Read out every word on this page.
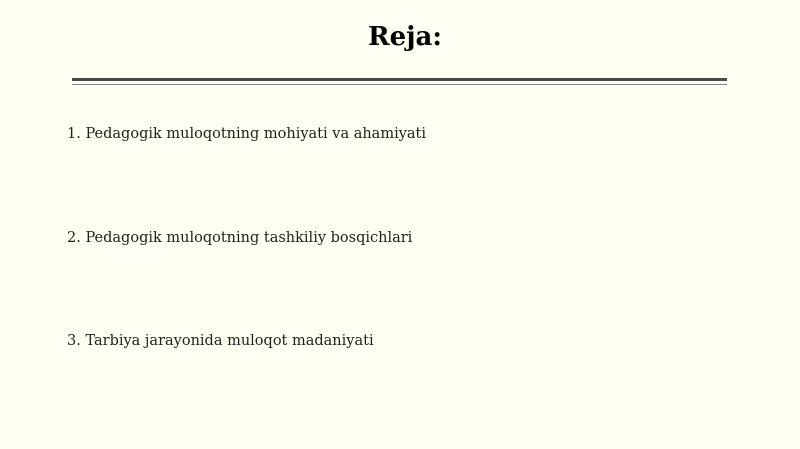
Reja:
1. Pedagogik muloqotning mohiyati va ahamiyati
2. Pedagogik muloqotning tashkiliy bosqichlari
3. Tarbiya jarayonida muloqot madaniyati
